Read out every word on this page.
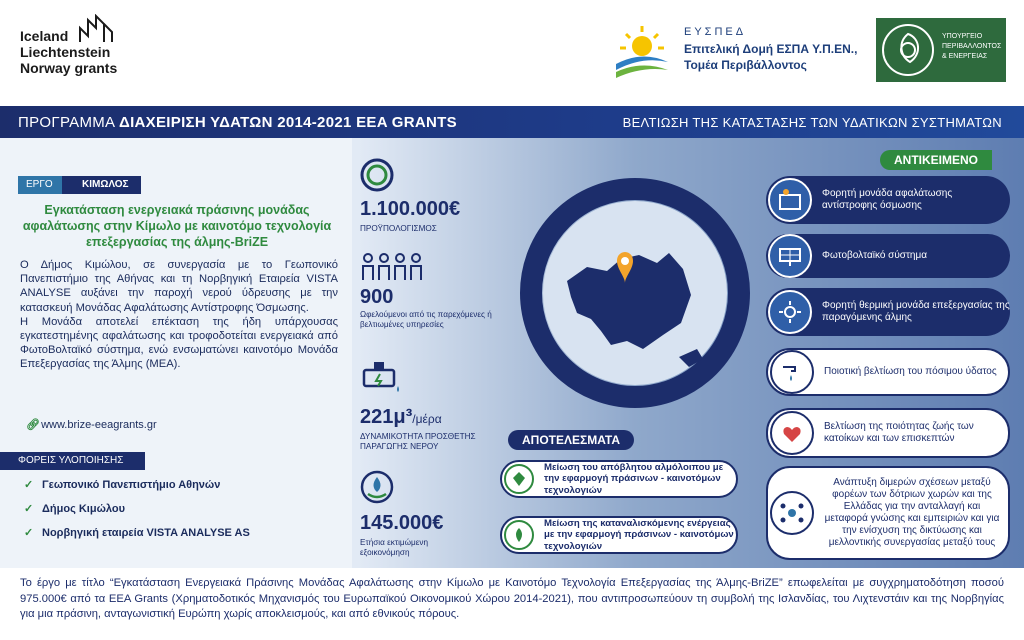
Iceland
Liechtenstein
Norway grants
ΕΥΣΠΕΔ
Επιτελική Δομή ΕΣΠΑ Υ.Π.ΕΝ.,
Τομέα Περιβάλλοντος
ΥΠΟΥΡΓΕΙΟ
ΠΕΡΙΒΑΛΛΟΝΤΟΣ
& ΕΝΕΡΓΕΙΑΣ
ΠΡΟΓΡΑΜΜΑ ΔΙΑΧΕΙΡΙΣΗ ΥΔΑΤΩΝ 2014-2021 EEA GRANTS	ΒΕΛΤΙΩΣΗ ΤΗΣ ΚΑΤΑΣΤΑΣΗΣ ΤΩΝ ΥΔΑΤΙΚΩΝ ΣΥΣΤΗΜΑΤΩΝ
ΕΡΓΟ	ΚΙΜΩΛΟΣ
Εγκατάσταση ενεργειακά πράσινης μονάδας αφαλάτωσης στην Κίμωλο με καινοτόμο τεχνολογία επεξεργασίας της άλμης-BriZE

Ο Δήμος Κιμώλου, σε συνεργασία με το Γεωπονικό Πανεπιστήμιο της Αθήνας και τη Νορβηγική Εταιρεία VISTA ANALYSE αυξάνει την παροχή νερού ύδρευσης με την κατασκευή Μονάδας Αφαλάτωσης Αντίστροφης Όσμωσης.

Η Μονάδα αποτελεί επέκταση της ήδη υπάρχουσας εγκατεστημένης αφαλάτωσης και τροφοδοτείται ενεργειακά από ΦωτοΒολταϊκό σύστημα, ενώ ενσωματώνει καινοτόμο Μονάδα Επεξεργασίας της Άλμης (ΜΕΑ).

🔗︎ www.brize-eeagrants.gr
ΦΟΡΕΙΣ ΥΛΟΠΟΙΗΣΗΣ
✓ Γεωπονικό Πανεπιστήμιο Αθηνών
✓ Δήμος Κιμώλου
✓ Νορβηγική εταιρεία VISTA ANALYSE AS
1.100.000€
ΠΡΟΫΠΟΛΟΓΙΣΜΟΣ
900
Ωφελούμενοι από τις παρεχόμενες ή βελτιωμένες υπηρεσίες
221μ³/μέρα
ΔΥΝΑΜΙΚΟΤΗΤΑ ΠΡΟΣΘΕΤΗΣ ΠΑΡΑΓΩΓΗΣ ΝΕΡΟΥ
145.000€
Ετήσια εκτιμώμενη εξοικονόμηση
ΑΝΤΙΚΕΙΜΕΝΟ
Φορητή μονάδα αφαλάτωσης αντίστροφης όσμωσης
Φωτοβολταϊκό σύστημα
Φορητή θερμική μονάδα επεξεργασίας της παραγόμενης άλμης
Ποιοτική βελτίωση του πόσιμου ύδατος
Βελτίωση της ποιότητας ζωής των κατοίκων και των επισκεπτών
Ανάπτυξη διμερών σχέσεων μεταξύ φορέων των δότριων χωρών και της Ελλάδας για την ανταλλαγή και μεταφορά γνώσης και εμπειριών και για την ενίσχυση της δικτύωσης και μελλοντικής συνεργασίας μεταξύ τους
ΑΠΟΤΕΛΕΣΜΑΤΑ
Μείωση του απόβλητου αλμόλοιπου με την εφαρμογή πράσινων - καινοτόμων τεχνολογιών
Μείωση της καταναλισκόμενης ενέργειας με την εφαρμογή πράσινων - καινοτόμων τεχνολογιών
Το έργο με τίτλο “Εγκατάσταση Ενεργειακά Πράσινης Μονάδας Αφαλάτωσης στην Κίμωλο με Καινοτόμο Τεχνολογία Επεξεργασίας της Άλμης-BriZE” επωφελείται με συγχρηματοδότηση ποσού 975.000€ από τα EEA Grants (Χρηματοδοτικός Μηχανισμός του Ευρωπαϊκού Οικονομικού Χώρου 2014-2021), που αντιπροσωπεύουν τη συμβολή της Ισλανδίας, του Λιχτενστάιν και της Νορβηγίας για μια πράσινη, ανταγωνιστική Ευρώπη χωρίς αποκλεισμούς, και από εθνικούς πόρους.
